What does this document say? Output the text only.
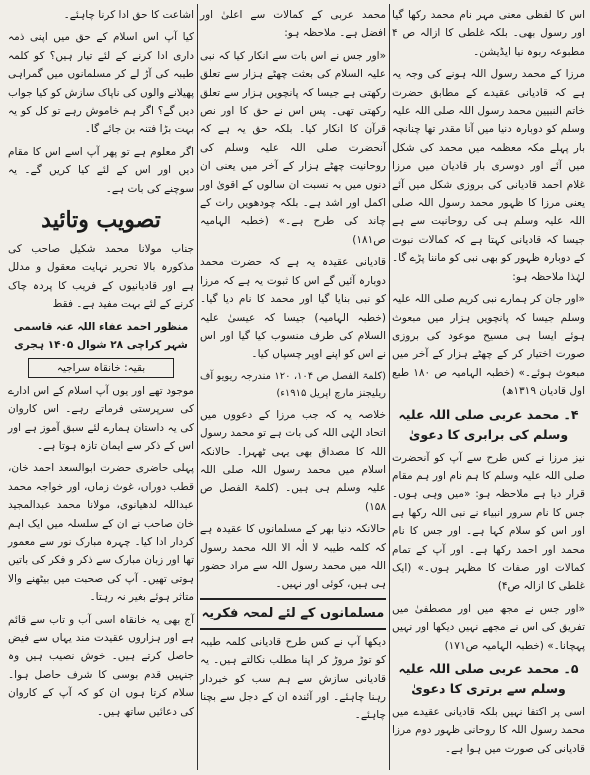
اس کا لفظی معنی مہر نام محمد رکھا گیا اور رسول بھی۔ بلکہ غلطی کا ازالہ ص ۴ مطبوعہ ربوہ نیا ایڈیشن۔

مرزا کے محمد رسول اللہ ہونے کی وجہ یہ ہے کہ قادیانی عقیدے کے مطابق حضرت خاتم النبیین محمد رسول اللہ صلی اللہ علیہ وسلم کو دوبارہ دنیا میں آنا مقدر تھا چنانچہ بار پہلے مکہ معظمہ میں محمد کی شکل میں آئے اور دوسری بار قادیان میں مرزا غلام احمد قادیانی کی بروزی شکل میں آئے یعنی مرزا کا ظہور محمد رسول اللہ صلی اللہ علیہ وسلم ہی کی روحانیت سے ہے جیسا کہ قادیانی کہتا ہے کہ کمالات نبوت کے دوبارہ ظہور کو بھی نبی کو ماننا پڑے گا۔ لہٰذا ملاحظہ ہو:

«اور جان کر ہمارے نبی کریم صلی اللہ علیہ وسلم جیسا کہ پانچویں ہزار میں مبعوث ہوئے ایسا ہی مسیح موعود کی بروزی صورت اختیار کر کے چھٹے ہزار کے آخر میں مبعوث ہوئے۔» (خطبہ الہامیہ ص ۱۸۰ طبع اول قادیان ۱۳۱۹ھ)

۴۔ محمد عربی صلی اللہ علیہ وسلم کی برابری کا دعویٰ

نیز مرزا نے کس طرح سے آپ کو آنحضرت صلی اللہ علیہ وسلم کا ہم نام اور ہم مقام قرار دیا ہے ملاحظہ ہو: «میں وہی ہوں۔ جس کا نام سرور انبیاء نے نبی اللہ رکھا ہے اور اس کو سلام کہا ہے۔ اور جس کا نام محمد اور احمد رکھا ہے۔ اور آپ کے تمام کمالات اور صفات کا مظہر ہوں۔» (ایک غلطی کا ازالہ ص۴)

«اور جس نے مجھ میں اور مصطفیٰ میں تفریق کی اس نے مجھے نہیں دیکھا اور نہیں پہچانا۔» (خطبہ الہامیہ ص۱۷۱)

۵۔ محمد عربی صلی اللہ علیہ وسلم سے برتری کا دعویٰ

اسی پر اکتفا نہیں بلکہ قادیانی عقیدے میں محمد رسول اللہ کا روحانی ظہور دوم مرزا قادیانی کی صورت میں ہوا ہے۔

محمد عربی کے کمالات سے اعلیٰ اور افضل ہے۔ ملاحظہ ہو:

«اور جس نے اس بات سے انکار کیا کہ نبی علیہ السلام کی بعثت چھٹے ہزار سے تعلق رکھتی ہے جیسا کہ پانچویں ہزار سے تعلق رکھتی تھی۔ پس اس نے حق کا اور نص قرآن کا انکار کیا۔ بلکہ حق یہ ہے کہ آنحضرت صلی اللہ علیہ وسلم کی روحانیت چھٹے ہزار کے آخر میں یعنی ان دنوں میں بہ نسبت ان سالوں کے اقویٰ اور اکمل اور اشد ہے۔ بلکہ چودھویں رات کے چاند کی طرح ہے۔» (خطبہ الہامیہ ص۱۸۱)

قادیانی عقیدہ یہ ہے کہ حضرت محمد دوبارہ آئیں گے اس کا ثبوت یہ ہے کہ مرزا کو نبی بنایا گیا اور محمد کا نام دیا گیا۔ (خطبہ الہامیہ) جیسا کہ عیسیٰ علیہ السلام کی طرف منسوب کیا گیا اور اس نے اس کو اپنے اوپر چسپاں کیا۔

(کلمۃ الفصل ص ۱۰۴، ۱۲۰ مندرجہ ریویو آف ریلیجنز مارچ اپریل ۱۹۱۵ء)

خلاصہ یہ کہ جب مرزا کے دعووں میں اتحاد الہٰی اللہ کی بات ہے تو محمد رسول اللہ کا مصداق بھی یہی ٹھہرا۔ حالانکہ اسلام میں محمد رسول اللہ صلی اللہ علیہ وسلم ہی ہیں۔ (کلمۃ الفصل ص ۱۵۸)

حالانکہ دنیا بھر کے مسلمانوں کا عقیدہ ہے کہ کلمہ طیبہ لا الٰہ الا اللہ محمد رسول اللہ میں محمد رسول اللہ سے مراد حضور ہی ہیں، کوئی اور نہیں۔

مسلمانوں کے لئے لمحہ فکریہ

دیکھا آپ نے کس طرح قادیانی کلمہ طیبہ کو توڑ مروڑ کر اپنا مطلب نکالتے ہیں۔ یہ قادیانی سازش سے ہم سب کو خبردار رہنا چاہئے۔ اور آئندہ ان کے دجل سے بچنا چاہئے۔

اشاعت کا حق ادا کرنا چاہئے۔

کیا آپ اس اسلام کے حق میں اپنی ذمہ داری ادا کرنے کے لئے تیار ہیں؟ کو کلمہ طیبہ کی آڑ لے کر مسلمانوں میں گمراہی پھیلانے والوں کی ناپاک سازش کو کیا جواب دیں گے؟ اگر ہم خاموش رہے تو کل کو یہ بہت بڑا فتنہ بن جائے گا۔

اگر معلوم ہے تو پھر آپ اسے اس کا مقام دیں اور اس کے لئے کیا کریں گے۔ یہ سوچنے کی بات ہے۔

تصویب وتائید

جناب مولانا محمد شکیل صاحب کی مذکورہ بالا تحریر نہایت معقول و مدلل ہے اور قادیانیوں کے فریب کا پردہ چاک کرنے کے لئے بہت مفید ہے۔ فقط

منظور احمد عفاء اللہ عنہ قاسمی شہر کراچی ۲۸ شوال ۱۴۰۵ ہجری
بقیہ: خانقاہ سراجیہ

موجود تھے اور یوں آپ اسلام کے اس ادارے کی سرپرستی فرماتے رہے۔ اس کاروان کی یہ داستان ہمارے لئے سبق آموز ہے اور اس کے ذکر سے ایمان تازہ ہوتا ہے۔

پہلی حاضری حضرت ابوالسعد احمد خان، قطب دوراں، غوث زماں، اور خواجہ محمد عبداللہ لدھیانوی، مولانا محمد عبدالمجید خان صاحب نے ان کے سلسلہ میں ایک اہم کردار ادا کیا۔ چہرہ مبارک نور سے معمور تھا اور زبان مبارک سے ذکر و فکر کی باتیں ہوتی تھیں۔ آپ کی صحبت میں بیٹھنے والا متاثر ہوئے بغیر نہ رہتا۔

آج بھی یہ خانقاہ اسی آب و تاب سے قائم ہے اور ہزاروں عقیدت مند یہاں سے فیض حاصل کرتے ہیں۔ خوش نصیب ہیں وہ جنہیں قدم بوسی کا شرف حاصل ہوا۔ سلام کرتا ہوں ان کو کہ آپ کے کاروان کی دعائیں ساتھ ہیں۔
